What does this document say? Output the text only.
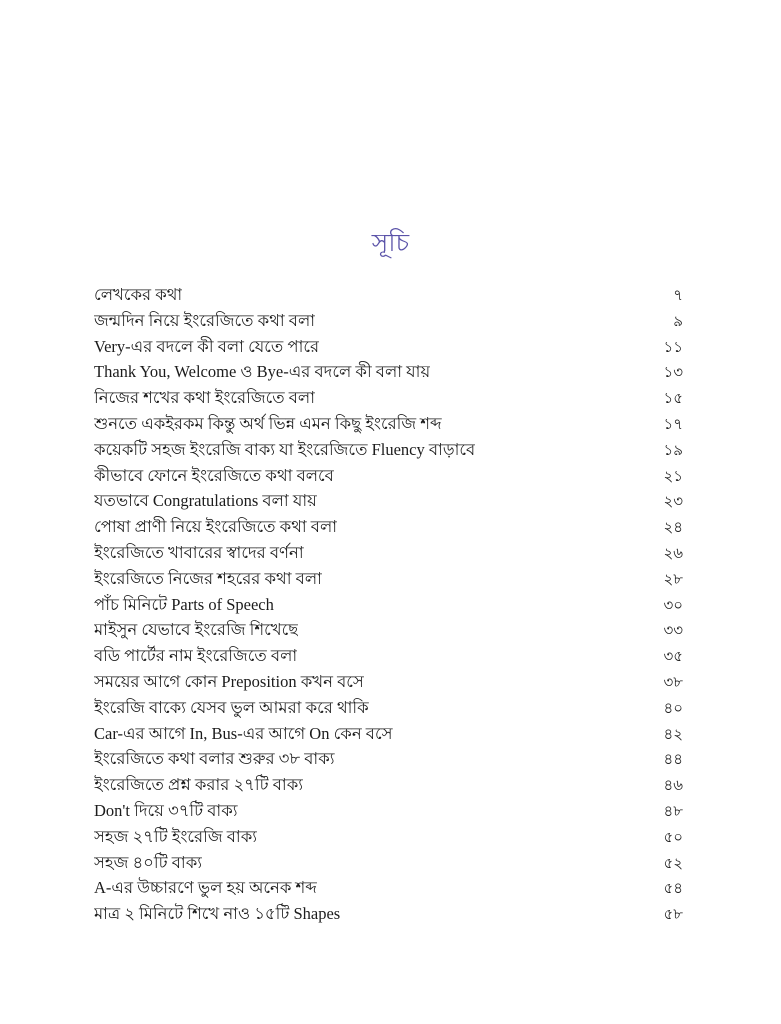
সূচি
লেখকের কথা	৭
জন্মদিন নিয়ে ইংরেজিতে কথা বলা	৯
Very-এর বদলে কী বলা যেতে পারে	১১
Thank You, Welcome ও Bye-এর বদলে কী বলা যায়	১৩
নিজের শখের কথা ইংরেজিতে বলা	১৫
শুনতে একইরকম কিন্তু অর্থ ভিন্ন এমন কিছু ইংরেজি শব্দ	১৭
কয়েকটি সহজ ইংরেজি বাক্য যা ইংরেজিতে Fluency বাড়াবে	১৯
কীভাবে ফোনে ইংরেজিতে কথা বলবে	২১
যতভাবে Congratulations বলা যায়	২৩
পোষা প্রাণী নিয়ে ইংরেজিতে কথা বলা	২৪
ইংরেজিতে খাবারের স্বাদের বর্ণনা	২৬
ইংরেজিতে নিজের শহরের কথা বলা	২৮
পাঁচ মিনিটে Parts of Speech	৩০
মাইসুন যেভাবে ইংরেজি শিখেছে	৩৩
বডি পার্টের নাম ইংরেজিতে বলা	৩৫
সময়ের আগে কোন Preposition কখন বসে	৩৮
ইংরেজি বাক্যে যেসব ভুল আমরা করে থাকি	৪০
Car-এর আগে In, Bus-এর আগে On কেন বসে	৪২
ইংরেজিতে কথা বলার শুরুর ৩৮ বাক্য	৪৪
ইংরেজিতে প্রশ্ন করার ২৭টি বাক্য	৪৬
Don't দিয়ে ৩৭টি বাক্য	৪৮
সহজ ২৭টি ইংরেজি বাক্য	৫০
সহজ ৪০টি বাক্য	৫২
A-এর উচ্চারণে ভুল হয় অনেক শব্দ	৫৪
মাত্র ২ মিনিটে শিখে নাও ১৫টি Shapes	৫৮
